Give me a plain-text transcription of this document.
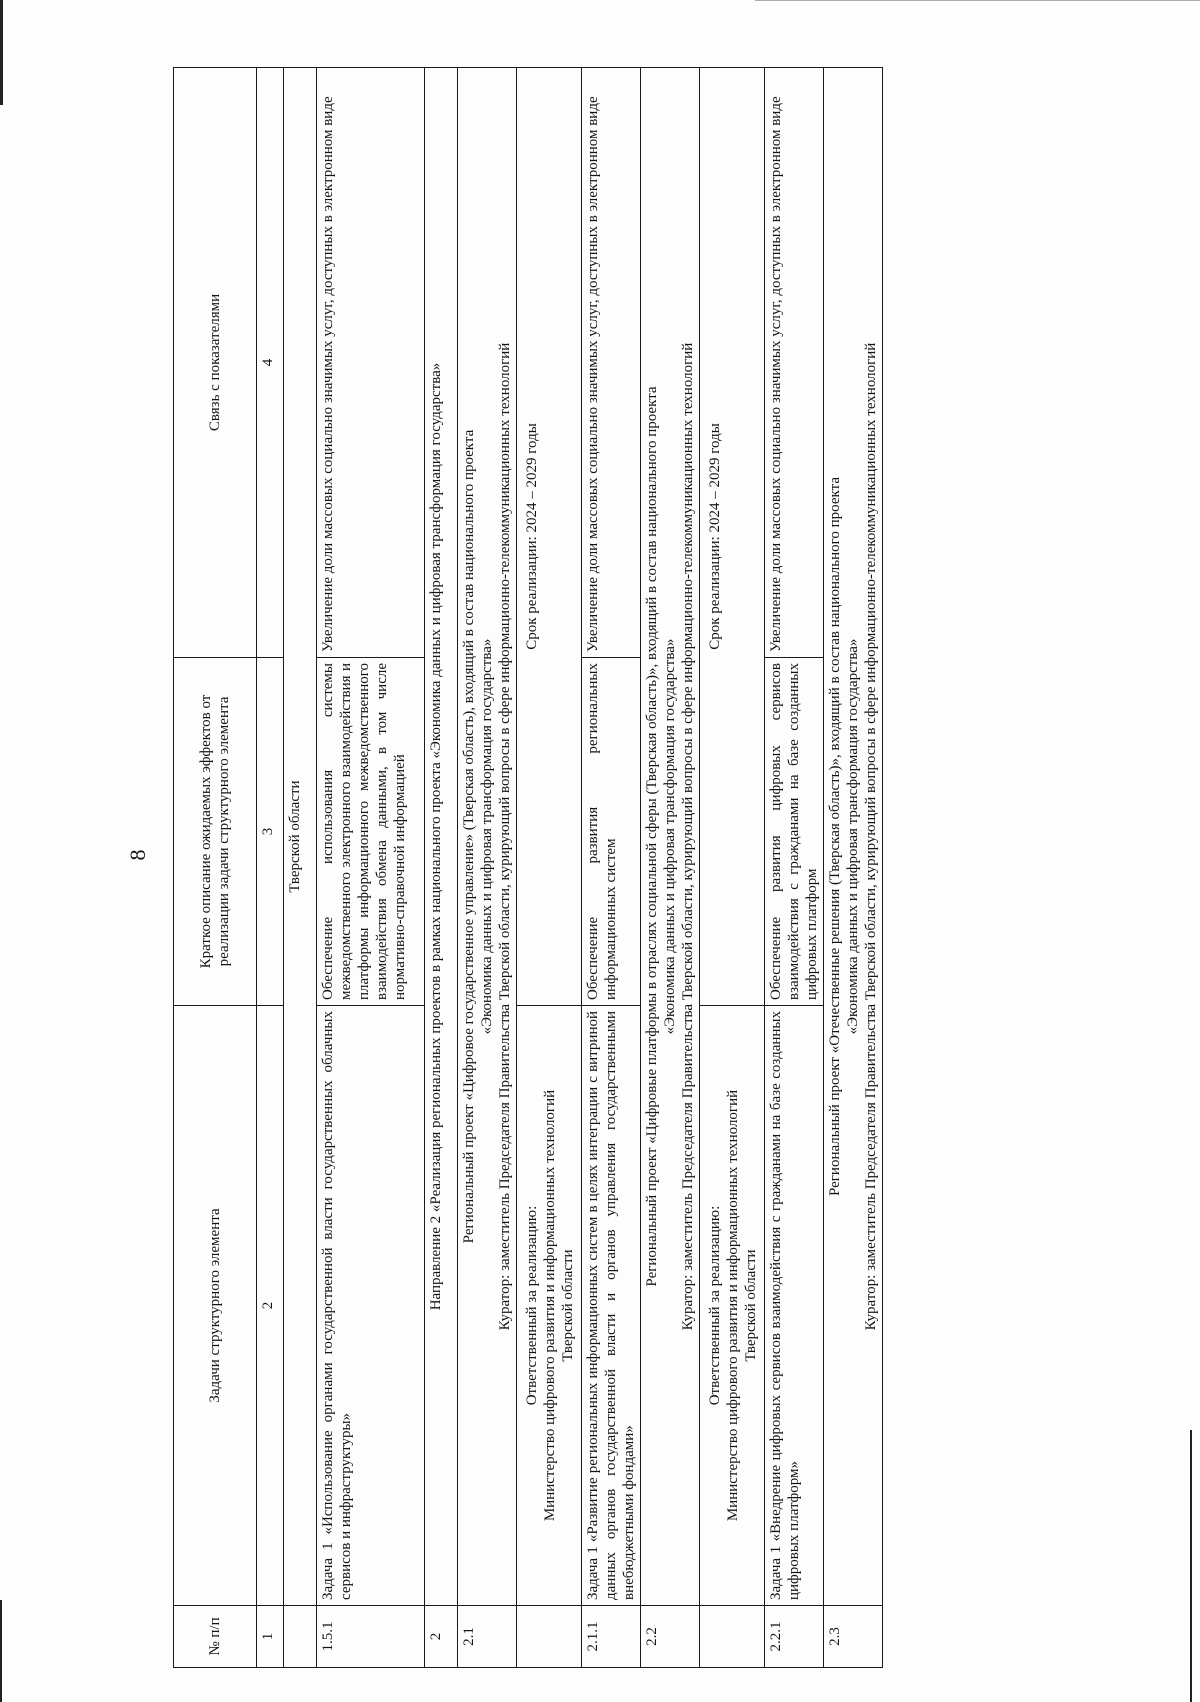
8
№ п/п	Задачи структурного элемента	Краткое описание ожидаемых эффектов от реализации задачи структурного элемента	Связь с показателями
1	2	3	4
	Тверской области		
1.5.1	Задача 1 «Использование органами государственной власти государственных облачных сервисов и инфраструктуры»	Обеспечение использования системы межведомственного электронного взаимодействия и платформы информационного межведомственного взаимодействия обмена данными, в том числе нормативно-справочной информацией	Увеличение доли массовых социально значимых услуг, доступных в электронном виде
2	Направление 2 «Реализация региональных проектов в рамках национального проекта «Экономика данных и цифровая трансформация государства»		
2.1	Региональный проект «Цифровое государственное управление» (Тверская область), входящий в состав национального проекта «Экономика данных и цифровая трансформация государства» Куратор: заместитель Председателя Правительства Тверской области, курирующий вопросы в сфере информационно-телекоммуникационных технологий		

	Ответственный за реализацию: Министерство цифрового развития и информационных технологий Тверской области	Срок реализации: 2024 – 2029 годы	
2.1.1	Задача 1 «Развитие региональных информационных систем в целях интеграции с витриной данных органов государственной власти и органов управления государственными внебюджетными фондами»	Обеспечение развития региональных информационных систем	Увеличение доли массовых социально значимых услуг, доступных в электронном виде
2.2	Региональный проект «Цифровые платформы в отраслях социальной сферы (Тверская область)», входящий в состав национального проекта «Экономика данных и цифровая трансформация государства» Куратор: заместитель Председателя Правительства Тверской области, курирующий вопросы в сфере информационно-телекоммуникационных технологий		

	Ответственный за реализацию: Министерство цифрового развития и информационных технологий Тверской области	Срок реализации: 2024 – 2029 годы	
2.2.1	Задача 1 «Внедрение цифровых сервисов взаимодействия с гражданами на базе созданных цифровых платформ»	Обеспечение развития цифровых сервисов взаимодействия с гражданами на базе созданных цифровых платформ	Увеличение доли массовых социально значимых услуг, доступных в электронном виде
2.3	Региональный проект «Отечественные решения (Тверская область)», входящий в состав национального проекта «Экономика данных и цифровая трансформация государства» Куратор: заместитель Председателя Правительства Тверской области, курирующий вопросы в сфере информационно-телекоммуникационных технологий		
